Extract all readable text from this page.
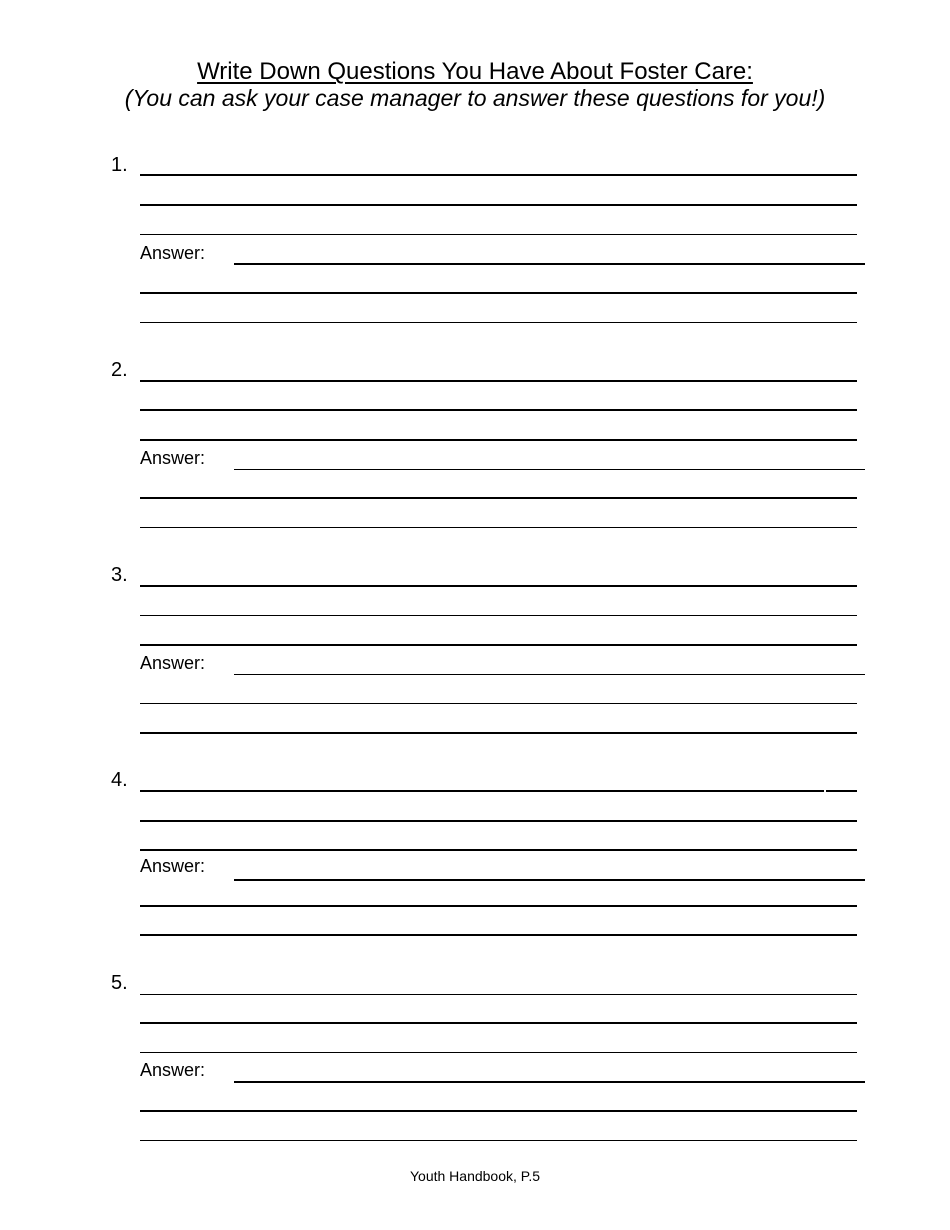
Write Down Questions You Have About Foster Care:
(You can ask your case manager to answer these questions for you!)
1.
Answer:
2.
Answer:
3.
Answer:
4.
Answer:
5.
Answer:
Youth Handbook, P.5
